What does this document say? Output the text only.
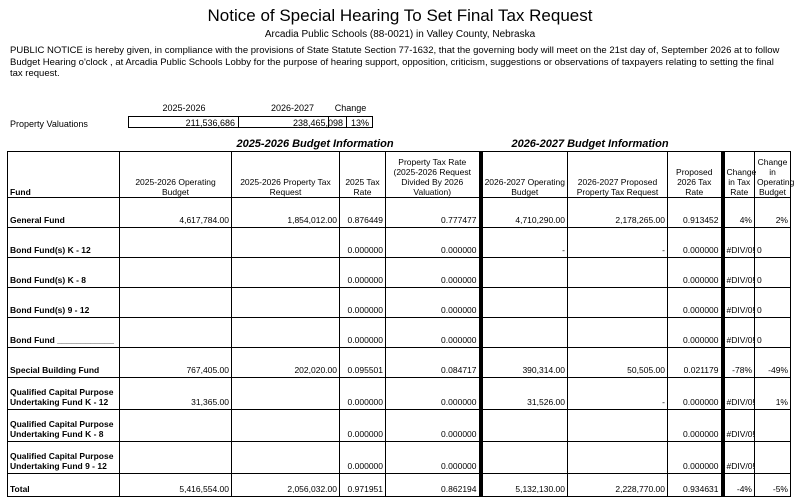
Notice of Special Hearing To Set Final Tax Request
Arcadia Public Schools (88-0021) in Valley County, Nebraska
PUBLIC NOTICE is hereby given, in compliance with the provisions of State Statute Section 77-1632, that the governing body will meet on the 21st day of, September 2026 at to follow Budget Hearing o'clock , at Arcadia Public Schools Lobby for the purpose of hearing support, opposition, criticism, suggestions or observations of taxpayers relating to setting the final tax request.
2025-2026	2026-2027	Change
Property Valuations	211,536,686	238,465,098 13%
2025-2026 Budget Information	2026-2027 Budget Information
Fund	2025-2026 Operating Budget	2025-2026 Property Tax Request	2025 Tax Rate	Property Tax Rate (2025-2026 Request Divided By 2026 Valuation)	2026-2027 Operating Budget	2026-2027 Proposed Property Tax Request	Proposed 2026 Tax Rate	Change in Tax Rate	Change in Operating Budget
General Fund	4,617,784.00	1,854,012.00	0.876449	0.777477	4,710,290.00	2,178,265.00	0.913452	4%	2%
Bond Fund(s) K - 12			0.000000	0.000000	-	-	0.000000	#DIV/0!	0
Bond Fund(s) K - 8			0.000000	0.000000			0.000000	#DIV/0!	0
Bond Fund(s) 9 - 12			0.000000	0.000000			0.000000	#DIV/0!	0
Bond Fund ____________			0.000000	0.000000			0.000000	#DIV/0!	0
Special Building Fund	767,405.00	202,020.00	0.095501	0.084717	390,314.00	50,505.00	0.021179	-78%	-49%
Qualified Capital Purpose Undertaking Fund K - 12	31,365.00		0.000000	0.000000	31,526.00	-	0.000000	#DIV/0!	1%
Qualified Capital Purpose Undertaking Fund K - 8			0.000000	0.000000			0.000000	#DIV/0!	
Qualified Capital Purpose Undertaking Fund 9 - 12			0.000000	0.000000			0.000000	#DIV/0!	
Total	5,416,554.00	2,056,032.00	0.971951	0.862194	5,132,130.00	2,228,770.00	0.934631	-4%	-5%
